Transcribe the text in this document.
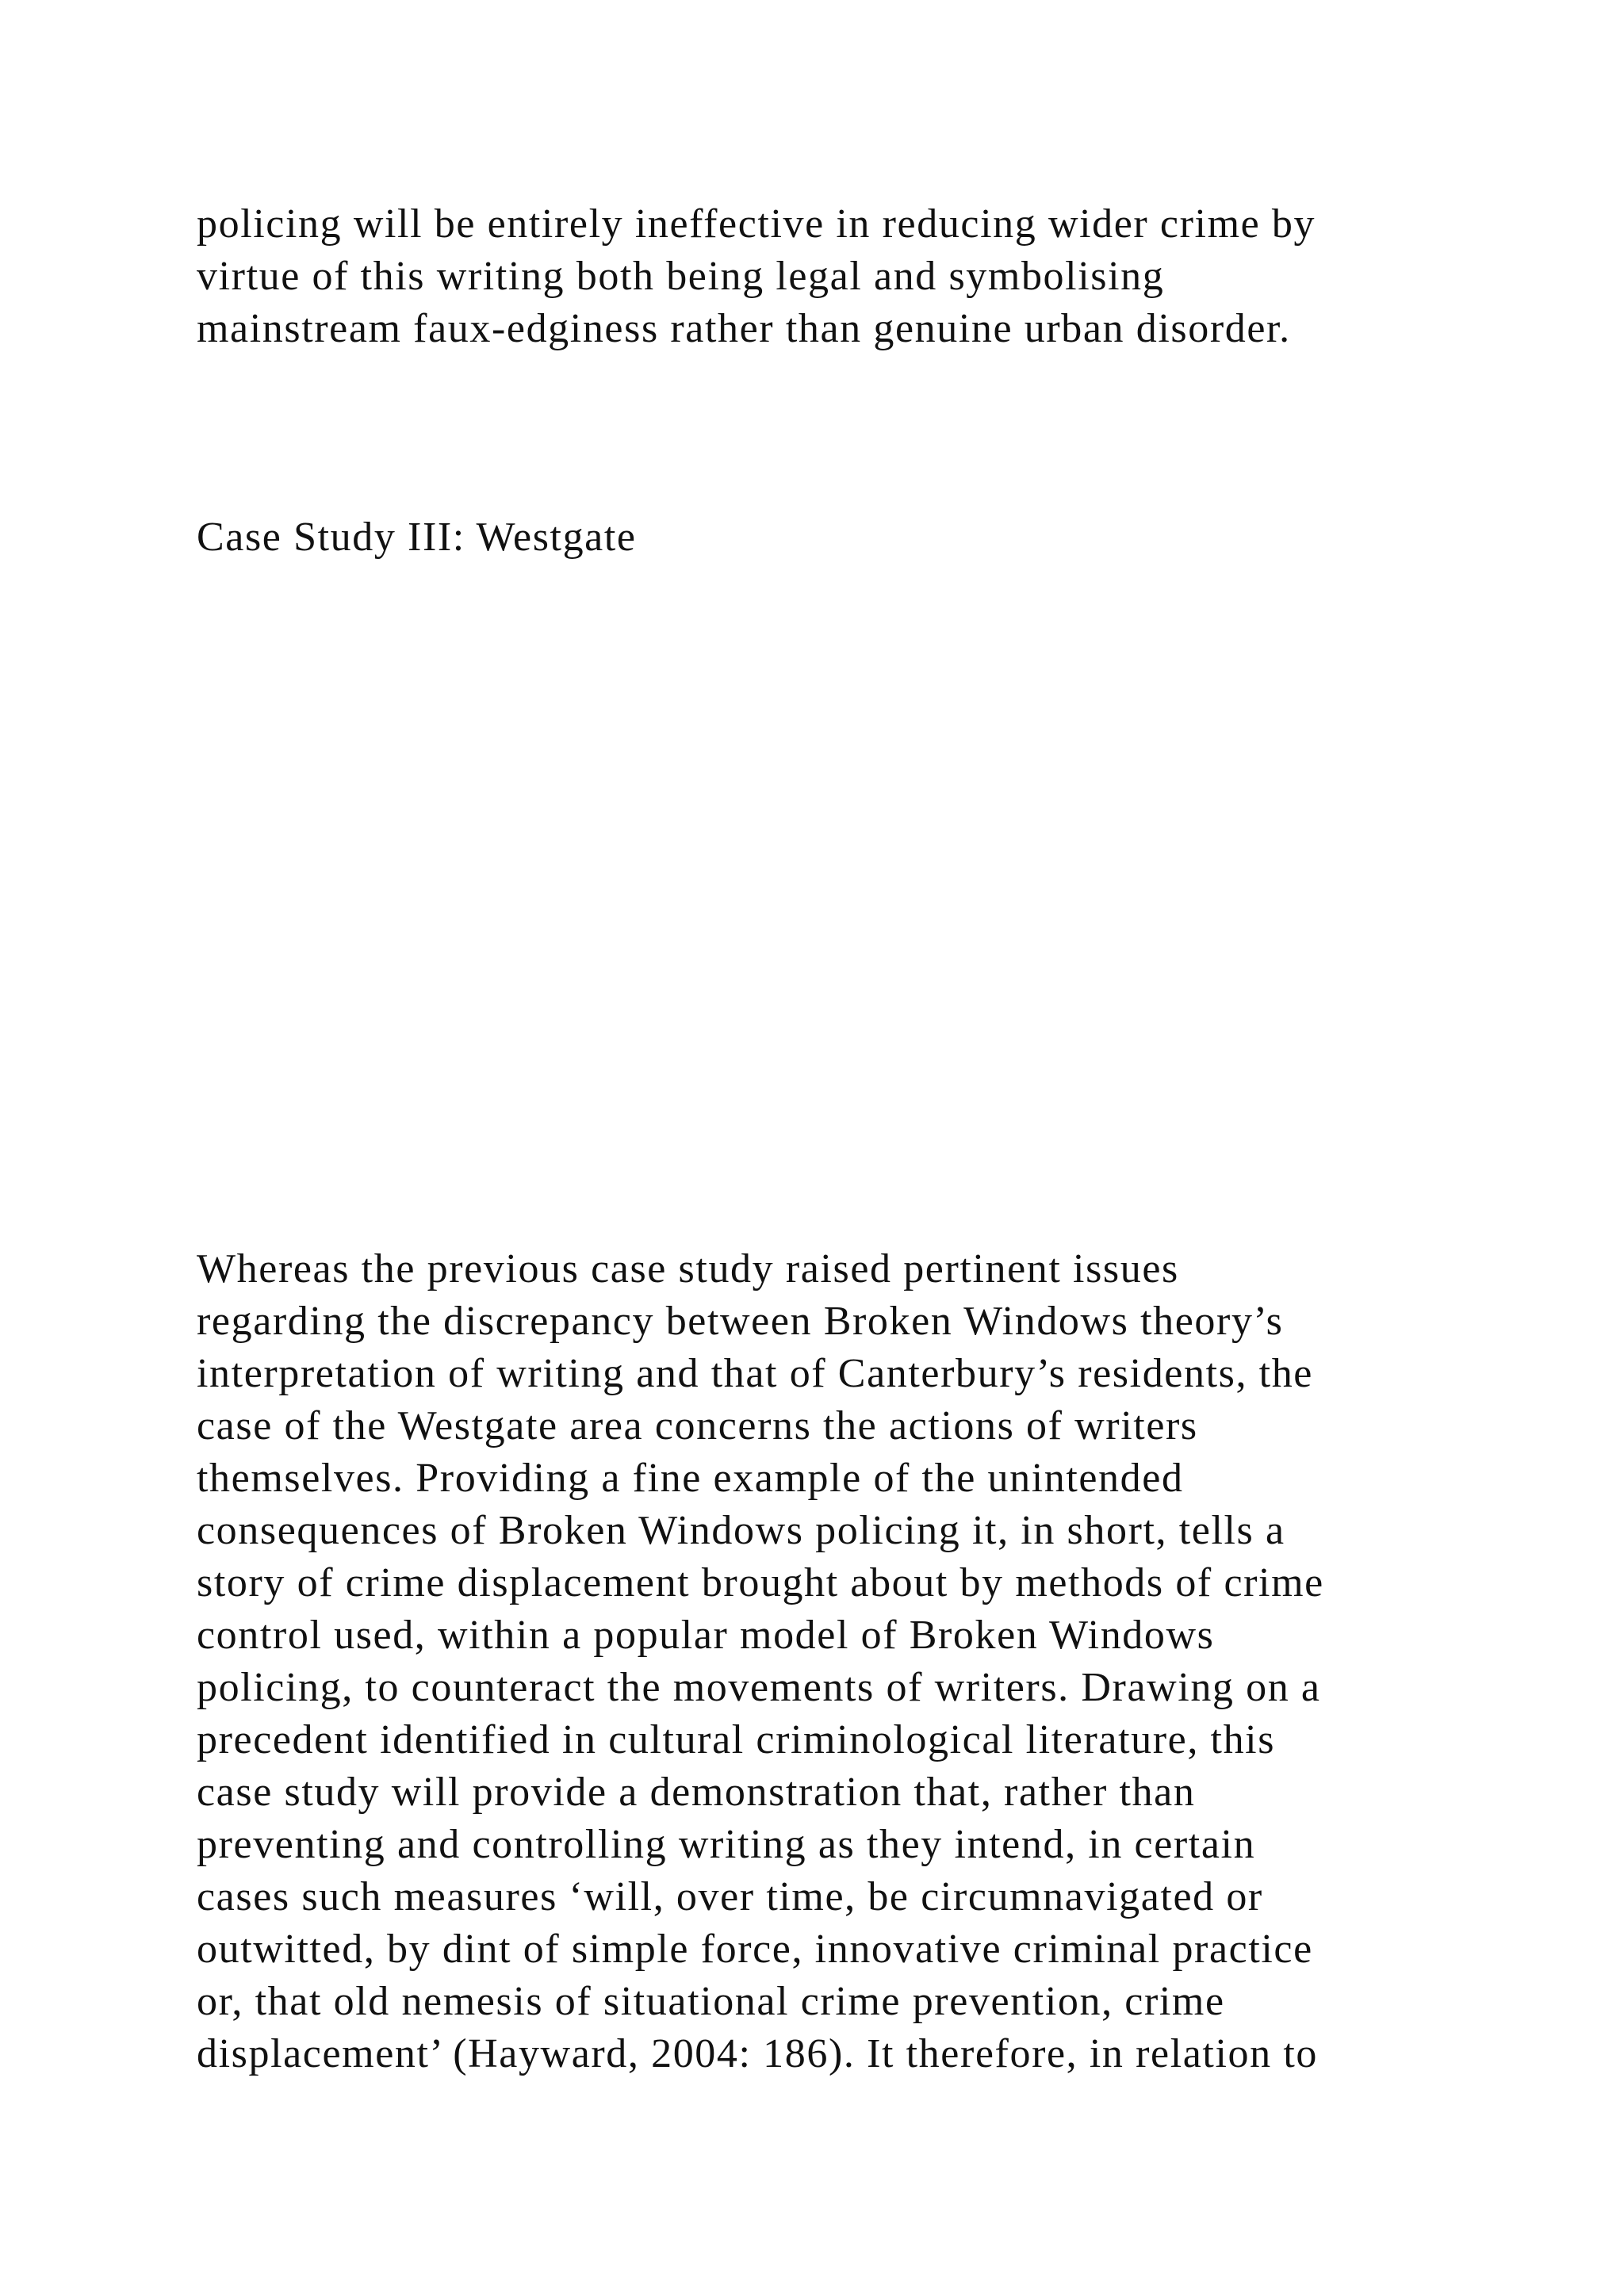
policing will be entirely ineffective in reducing wider crime by
virtue of this writing both being legal and symbolising
mainstream faux-edginess rather than genuine urban disorder.
Case Study III: Westgate
Whereas the previous case study raised pertinent issues
regarding the discrepancy between Broken Windows theory’s
interpretation of writing and that of Canterbury’s residents, the
case of the Westgate area concerns the actions of writers
themselves. Providing a fine example of the unintended
consequences of Broken Windows policing it, in short, tells a
story of crime displacement brought about by methods of crime
control used, within a popular model of Broken Windows
policing, to counteract the movements of writers. Drawing on a
precedent identified in cultural criminological literature, this
case study will provide a demonstration that, rather than
preventing and controlling writing as they intend, in certain
cases such measures ‘will, over time, be circumnavigated or
outwitted, by dint of simple force, innovative criminal practice
or, that old nemesis of situational crime prevention, crime
displacement’ (Hayward, 2004: 186). It therefore, in relation to
